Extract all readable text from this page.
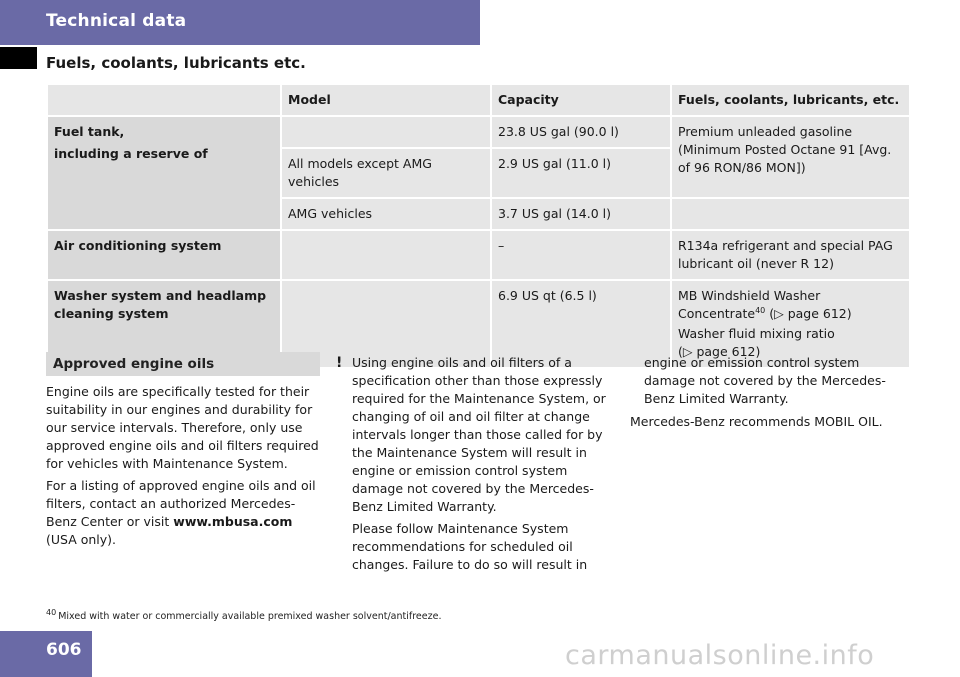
Technical data
Fuels, coolants, lubricants etc.
	Model	Capacity	Fuels, coolants, lubricants, etc.

Fuel tank,
including a reserve of		23.8 US gal (90.0 l)	Premium unleaded gasoline (Minimum Posted Octane 91 [Avg. of 96 RON/86 MON])
	All models except AMG vehicles	2.9 US gal (11.0 l)	
	AMG vehicles	3.7 US gal (14.0 l)	
Air conditioning system		–	R134a refrigerant and special PAG lubricant oil (never R 12)
Washer system and headlamp cleaning system		6.9 US qt (6.5 l)	MB Windshield Washer Concentrate$^{40}$ (▷ page 612)
Washer fluid mixing ratio
(▷ page 612)
Approved engine oils

Engine oils are specifically tested for their suitability in our engines and durability for our service intervals. Therefore, only use approved engine oils and oil filters required for vehicles with Maintenance System.

For a listing of approved engine oils and oil filters, contact an authorized Mercedes-Benz Center or visit www.mbusa.com (USA only).

! Using engine oils and oil filters of a specification other than those expressly required for the Maintenance System, or changing of oil and oil filter at change intervals longer than those called for by the Maintenance System will result in engine or emission control system damage not covered by the Mercedes-Benz Limited Warranty.

Please follow Maintenance System recommendations for scheduled oil changes. Failure to do so will result in

engine or emission control system damage not covered by the Mercedes-Benz Limited Warranty.

Mercedes-Benz recommends MOBIL OIL.

$^{40}$ Mixed with water or commercially available premixed washer solvent/antifreeze.
606	carmanualsonline.info
